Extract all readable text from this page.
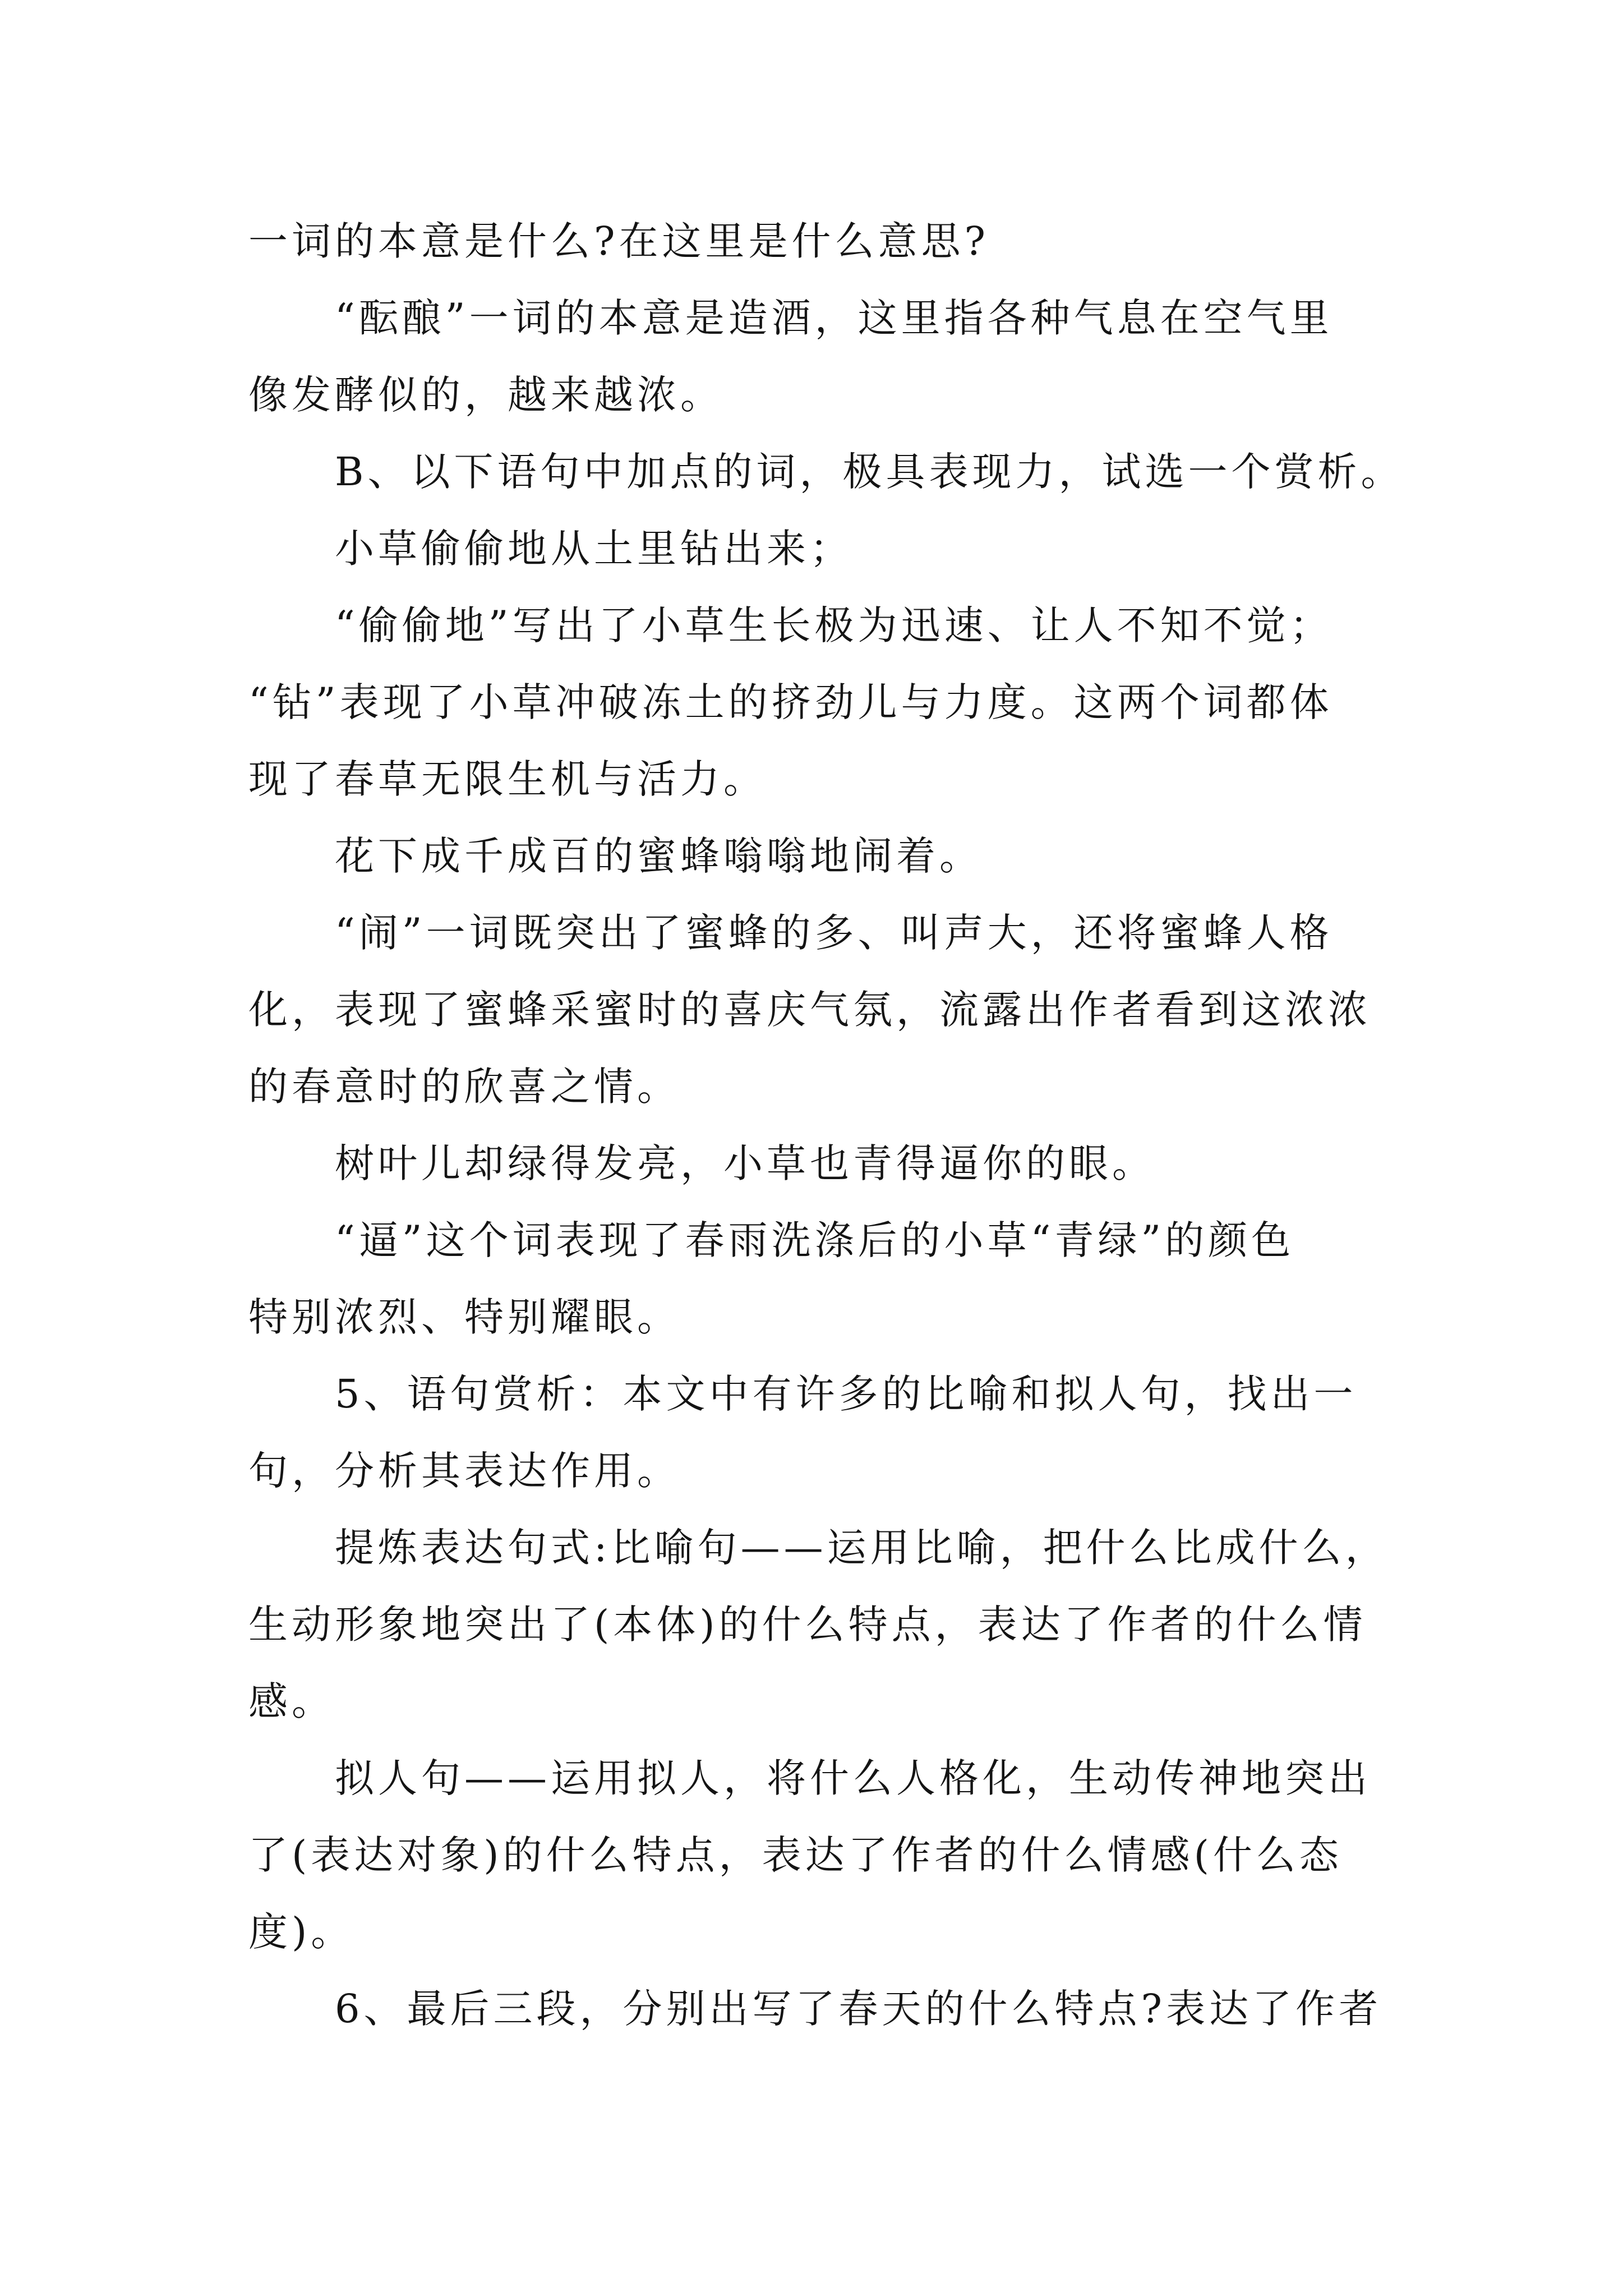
一词的本意是什么?在这里是什么意思?
“酝酿”一词的本意是造酒，这里指各种气息在空气里
像发酵似的，越来越浓。
B、以下语句中加点的词，极具表现力，试选一个赏析。
小草偷偷地从土里钻出来；
“偷偷地”写出了小草生长极为迅速、让人不知不觉；
“钻”表现了小草冲破冻土的挤劲儿与力度。这两个词都体
现了春草无限生机与活力。
花下成千成百的蜜蜂嗡嗡地闹着。
“闹”一词既突出了蜜蜂的多、叫声大，还将蜜蜂人格
化，表现了蜜蜂采蜜时的喜庆气氛，流露出作者看到这浓浓
的春意时的欣喜之情。
树叶儿却绿得发亮，小草也青得逼你的眼。
“逼”这个词表现了春雨洗涤后的小草“青绿”的颜色
特别浓烈、特别耀眼。
5、语句赏析：本文中有许多的比喻和拟人句，找出一
句，分析其表达作用。
提炼表达句式:比喻句——运用比喻，把什么比成什么，
生动形象地突出了(本体)的什么特点，表达了作者的什么情
感。
拟人句——运用拟人，将什么人格化，生动传神地突出
了(表达对象)的什么特点，表达了作者的什么情感(什么态
度)。
6、最后三段，分别出写了春天的什么特点?表达了作者
